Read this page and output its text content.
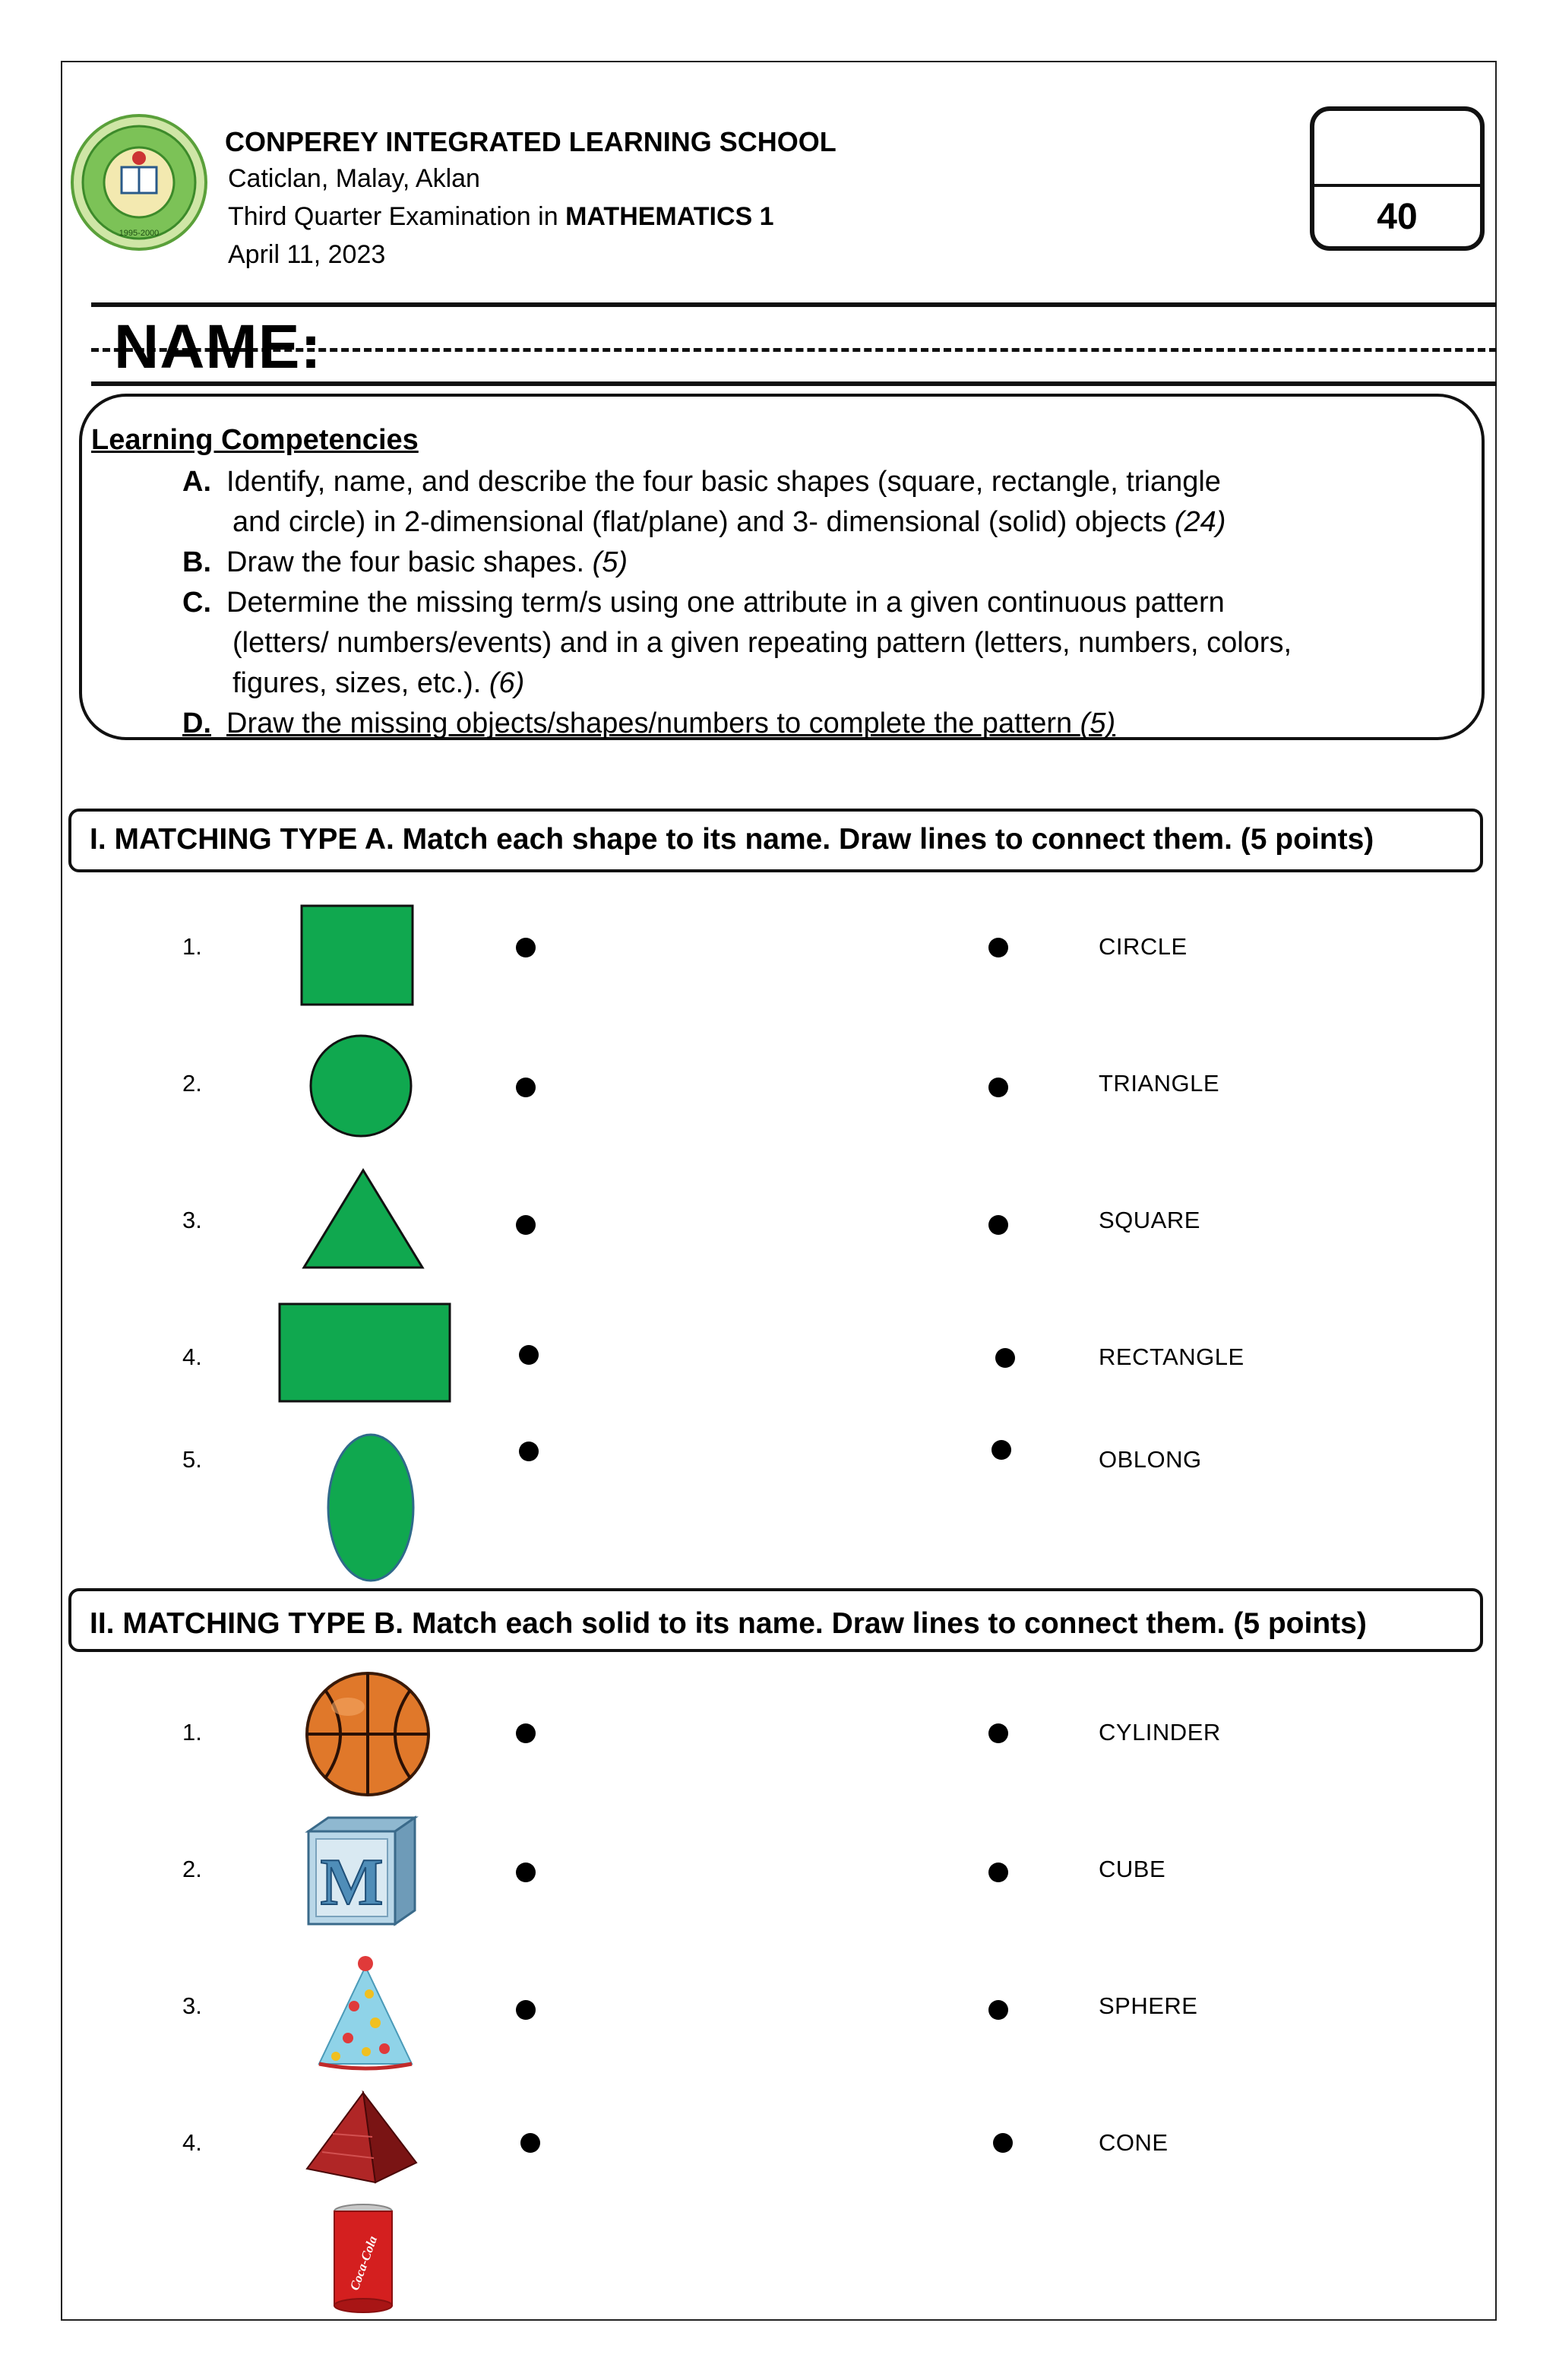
1995-2000
CONPEREY INTEGRATED LEARNING SCHOOL
Caticlan, Malay, Aklan
Third Quarter Examination in MATHEMATICS 1
April 11, 2023
40
NAME:
Learning Competencies
A. Identify, name, and describe the four basic shapes (square, rectangle, triangle
and circle) in 2-dimensional (flat/plane) and 3- dimensional (solid) objects (24)
B. Draw the four basic shapes. (5)
C. Determine the missing term/s using one attribute in a given continuous pattern
(letters/ numbers/events) and in a given repeating pattern (letters, numbers, colors,
figures, sizes, etc.). (6)
D. Draw the missing objects/shapes/numbers to complete the pattern (5)
I. MATCHING TYPE A. Match each shape to its name. Draw lines to connect them. (5 points)
1.
2.
3.
4.
5.
CIRCLE
TRIANGLE
SQUARE
RECTANGLE
OBLONG
II. MATCHING TYPE B. Match each solid to its name. Draw lines to connect them. (5 points)
1.
2.
3.
4.
M
Coca-Cola
CYLINDER
CUBE
SPHERE
CONE
